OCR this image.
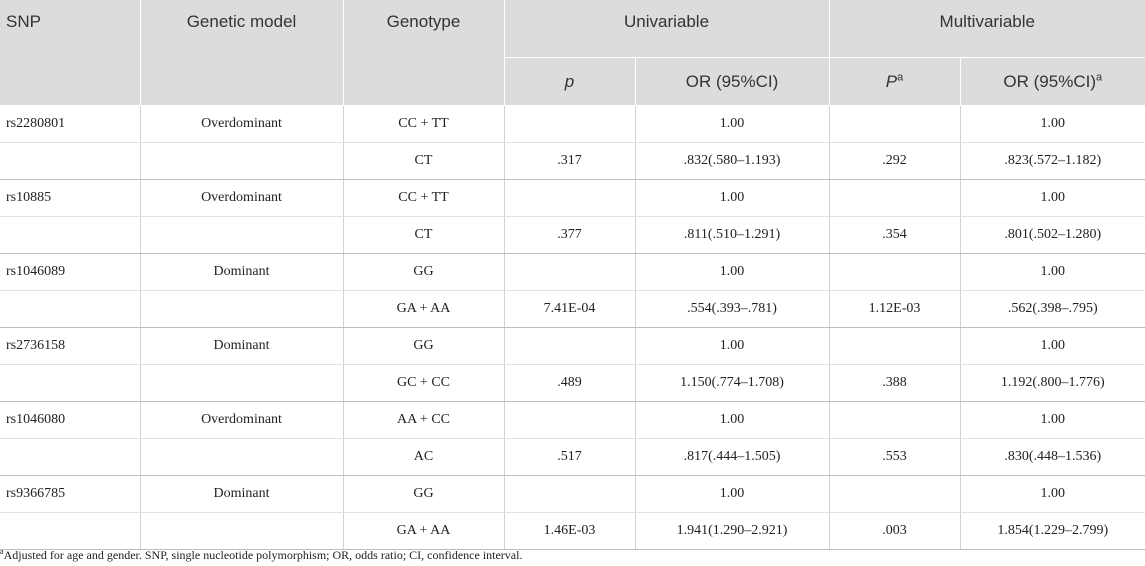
SNP	Genetic model	Genotype	Univariable		Multivariable	
			p	OR (95%CI)	$P^a$	OR $(95\%CI)^a$
rs2280801	Overdominant	CC + TT		1.00		1.00
		CT	.317	.832(.580–1.193)	.292	.823(.572–1.182)
rs10885	Overdominant	CC + TT		1.00		1.00
		CT	.377	.811(.510–1.291)	.354	.801(.502–1.280)
rs1046089	Dominant	GG		1.00		1.00
		GA + AA	7.41E-04	.554(.393–.781)	1.12E-03	.562(.398–.795)
rs2736158	Dominant	GG		1.00		1.00
		GC + CC	.489	1.150(.774–1.708)	.388	1.192(.800–1.776)
rs1046080	Overdominant	AA + CC		1.00		1.00
		AC	.517	.817(.444–1.505)	.553	.830(.448–1.536)
rs9366785	Dominant	GG		1.00		1.00
		GA + AA	1.46E-03	1.941(1.290–2.921)	.003	1.854(1.229–2.799)
$^a$Adjusted for age and gender. SNP, single nucleotide polymorphism; OR, odds ratio; CI, confidence interval.
